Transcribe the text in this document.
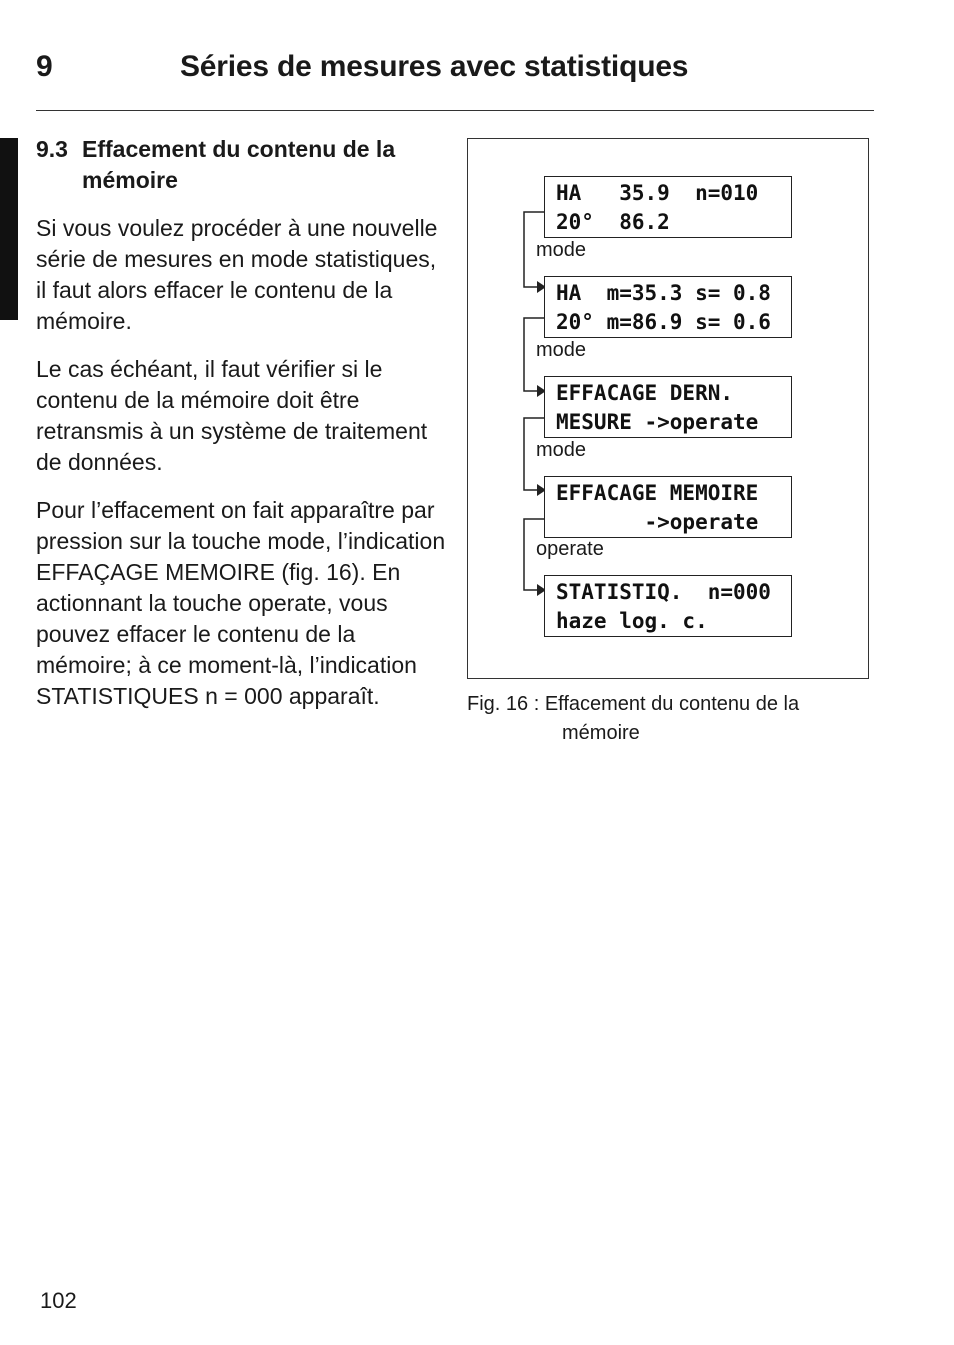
9	Séries de mesures avec statistiques
9.3 Effacement du contenu de la mémoire

Si vous voulez procéder à une nouvelle série de mesures en mode statistiques, il faut alors effacer le contenu de la mémoire.

Le cas échéant, il faut vérifier si le contenu de la mémoire doit être retransmis à un système de traitement de données.

Pour l’effacement on fait apparaître par pression sur la touche mode, l’indication EFFAÇAGE MEMOIRE (fig. 16). En actionnant la touche operate, vous pouvez effacer le contenu de la mémoire; à ce moment-là, l’indication STATISTIQUES n = 000 apparaît.

HA   35.9  n=010
20°  86.2
mode
HA  m=35.3 s= 0.8
20° m=86.9 s= 0.6
mode
EFFACAGE DERN.
MESURE ->operate
mode
EFFACAGE MEMOIRE
->operate
operate
STATISTIQ.  n=000
haze log. c.
Fig. 16 : Effacement du contenu de la
mémoire
102
